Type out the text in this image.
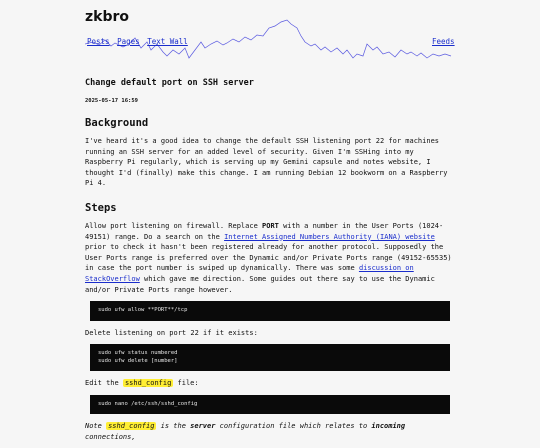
zkbro
Posts Pages Text Wall	Feeds
Change default port on SSH server
2025-05-17 16:59
Background

I've heard it's a good idea to change the default SSH listening port 22 for machines running an SSH server for an added level of security. Given I'm SSHing into my Raspberry Pi regularly, which is serving up my Gemini capsule and notes website, I thought I'd (finally) make this change. I am running Debian 12 bookworm on a Raspberry Pi 4.

Steps

Allow port listening on firewall. Replace PORT with a number in the User Ports (1024-49151) range. Do a search on the Internet Assigned Numbers Authority (IANA) website prior to check it hasn't been registered already for another protocol. Supposedly the User Ports range is preferred over the Dynamic and/or Private Ports range (49152-65535) in case the port number is swiped up dynamically. There was some discussion on StackOverflow which gave me direction. Some guides out there say to use the Dynamic and/or Private Ports range however.

sudo ufw allow **PORT**/tcp

Delete listening on port 22 if it exists:

sudo ufw status numbered
sudo ufw delete [number]

Edit the sshd_config file:

sudo nano /etc/ssh/sshd_config

Note sshd_config is the server configuration file which relates to incoming connections,
